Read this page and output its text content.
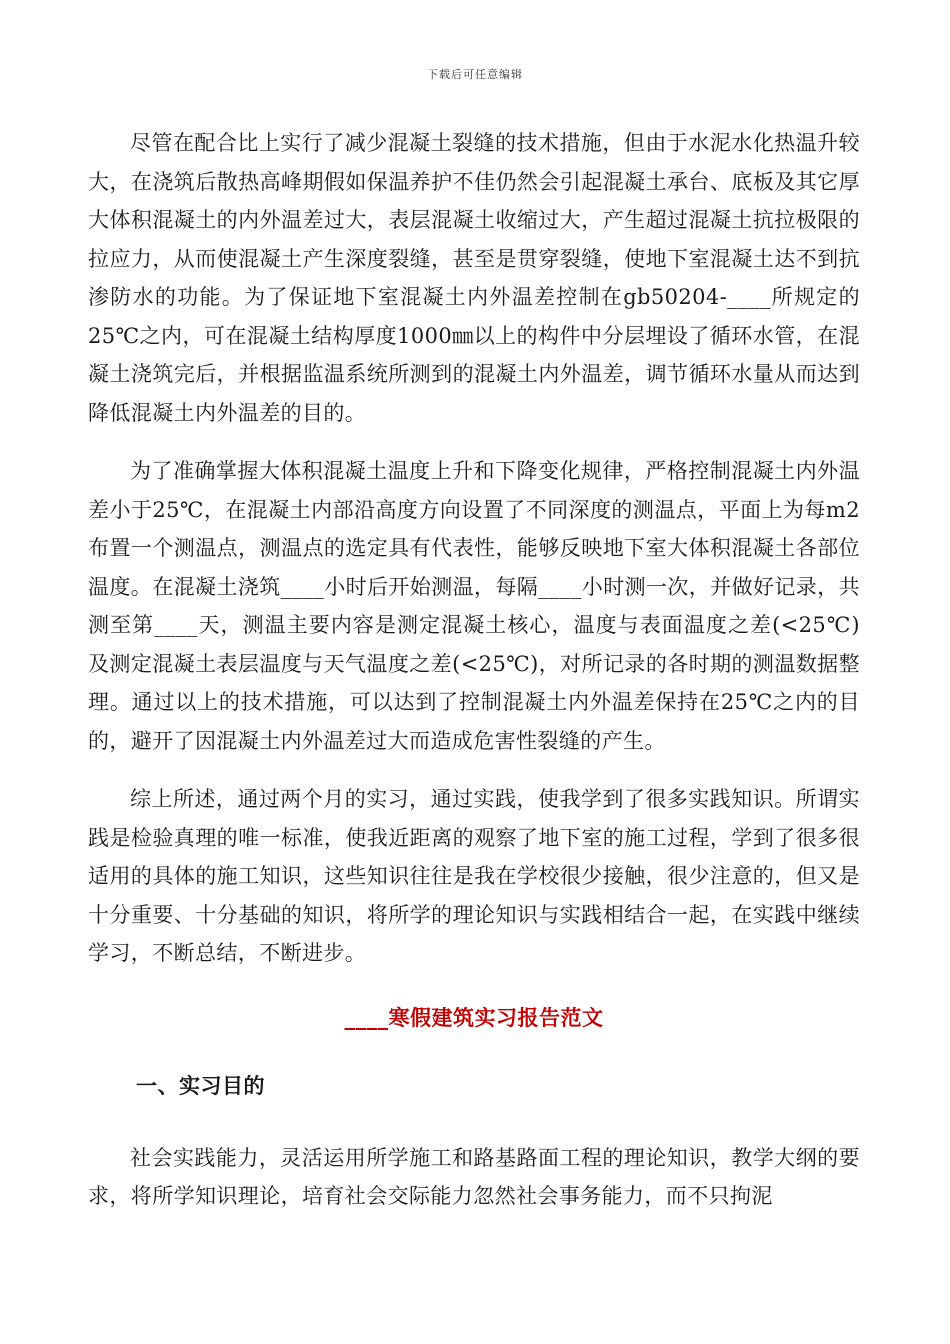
下载后可任意编辑

尽管在配合比上实行了减少混凝土裂缝的技术措施，但由于水泥水化热温升较大，在浇筑后散热高峰期假如保温养护不佳仍然会引起混凝土承台、底板及其它厚大体积混凝土的内外温差过大，表层混凝土收缩过大，产生超过混凝土抗拉极限的拉应力，从而使混凝土产生深度裂缝，甚至是贯穿裂缝，使地下室混凝土达不到抗渗防水的功能。为了保证地下室混凝土内外温差控制在gb50204-____所规定的25℃之内，可在混凝土结构厚度1000㎜以上的构件中分层埋设了循环水管，在混凝土浇筑完后，并根据监温系统所测到的混凝土内外温差，调节循环水量从而达到降低混凝土内外温差的目的。

为了准确掌握大体积混凝土温度上升和下降变化规律，严格控制混凝土内外温差小于25℃，在混凝土内部沿高度方向设置了不同深度的测温点，平面上为每m2布置一个测温点，测温点的选定具有代表性，能够反映地下室大体积混凝土各部位温度。在混凝土浇筑____小时后开始测温，每隔____小时测一次，并做好记录，共测至第____天，测温主要内容是测定混凝土核心，温度与表面温度之差(<25℃)及测定混凝土表层温度与天气温度之差(<25℃)，对所记录的各时期的测温数据整理。通过以上的技术措施，可以达到了控制混凝土内外温差保持在25℃之内的目的，避开了因混凝土内外温差过大而造成危害性裂缝的产生。

综上所述，通过两个月的实习，通过实践，使我学到了很多实践知识。所谓实践是检验真理的唯一标准，使我近距离的观察了地下室的施工过程，学到了很多很适用的具体的施工知识，这些知识往往是我在学校很少接触，很少注意的，但又是十分重要、十分基础的知识，将所学的理论知识与实践相结合一起，在实践中继续学习，不断总结，不断进步。

____寒假建筑实习报告范文
一、实习目的

社会实践能力，灵活运用所学施工和路基路面工程的理论知识，教学大纲的要求，将所学知识理论，培育社会交际能力忽然社会事务能力，而不只拘泥
